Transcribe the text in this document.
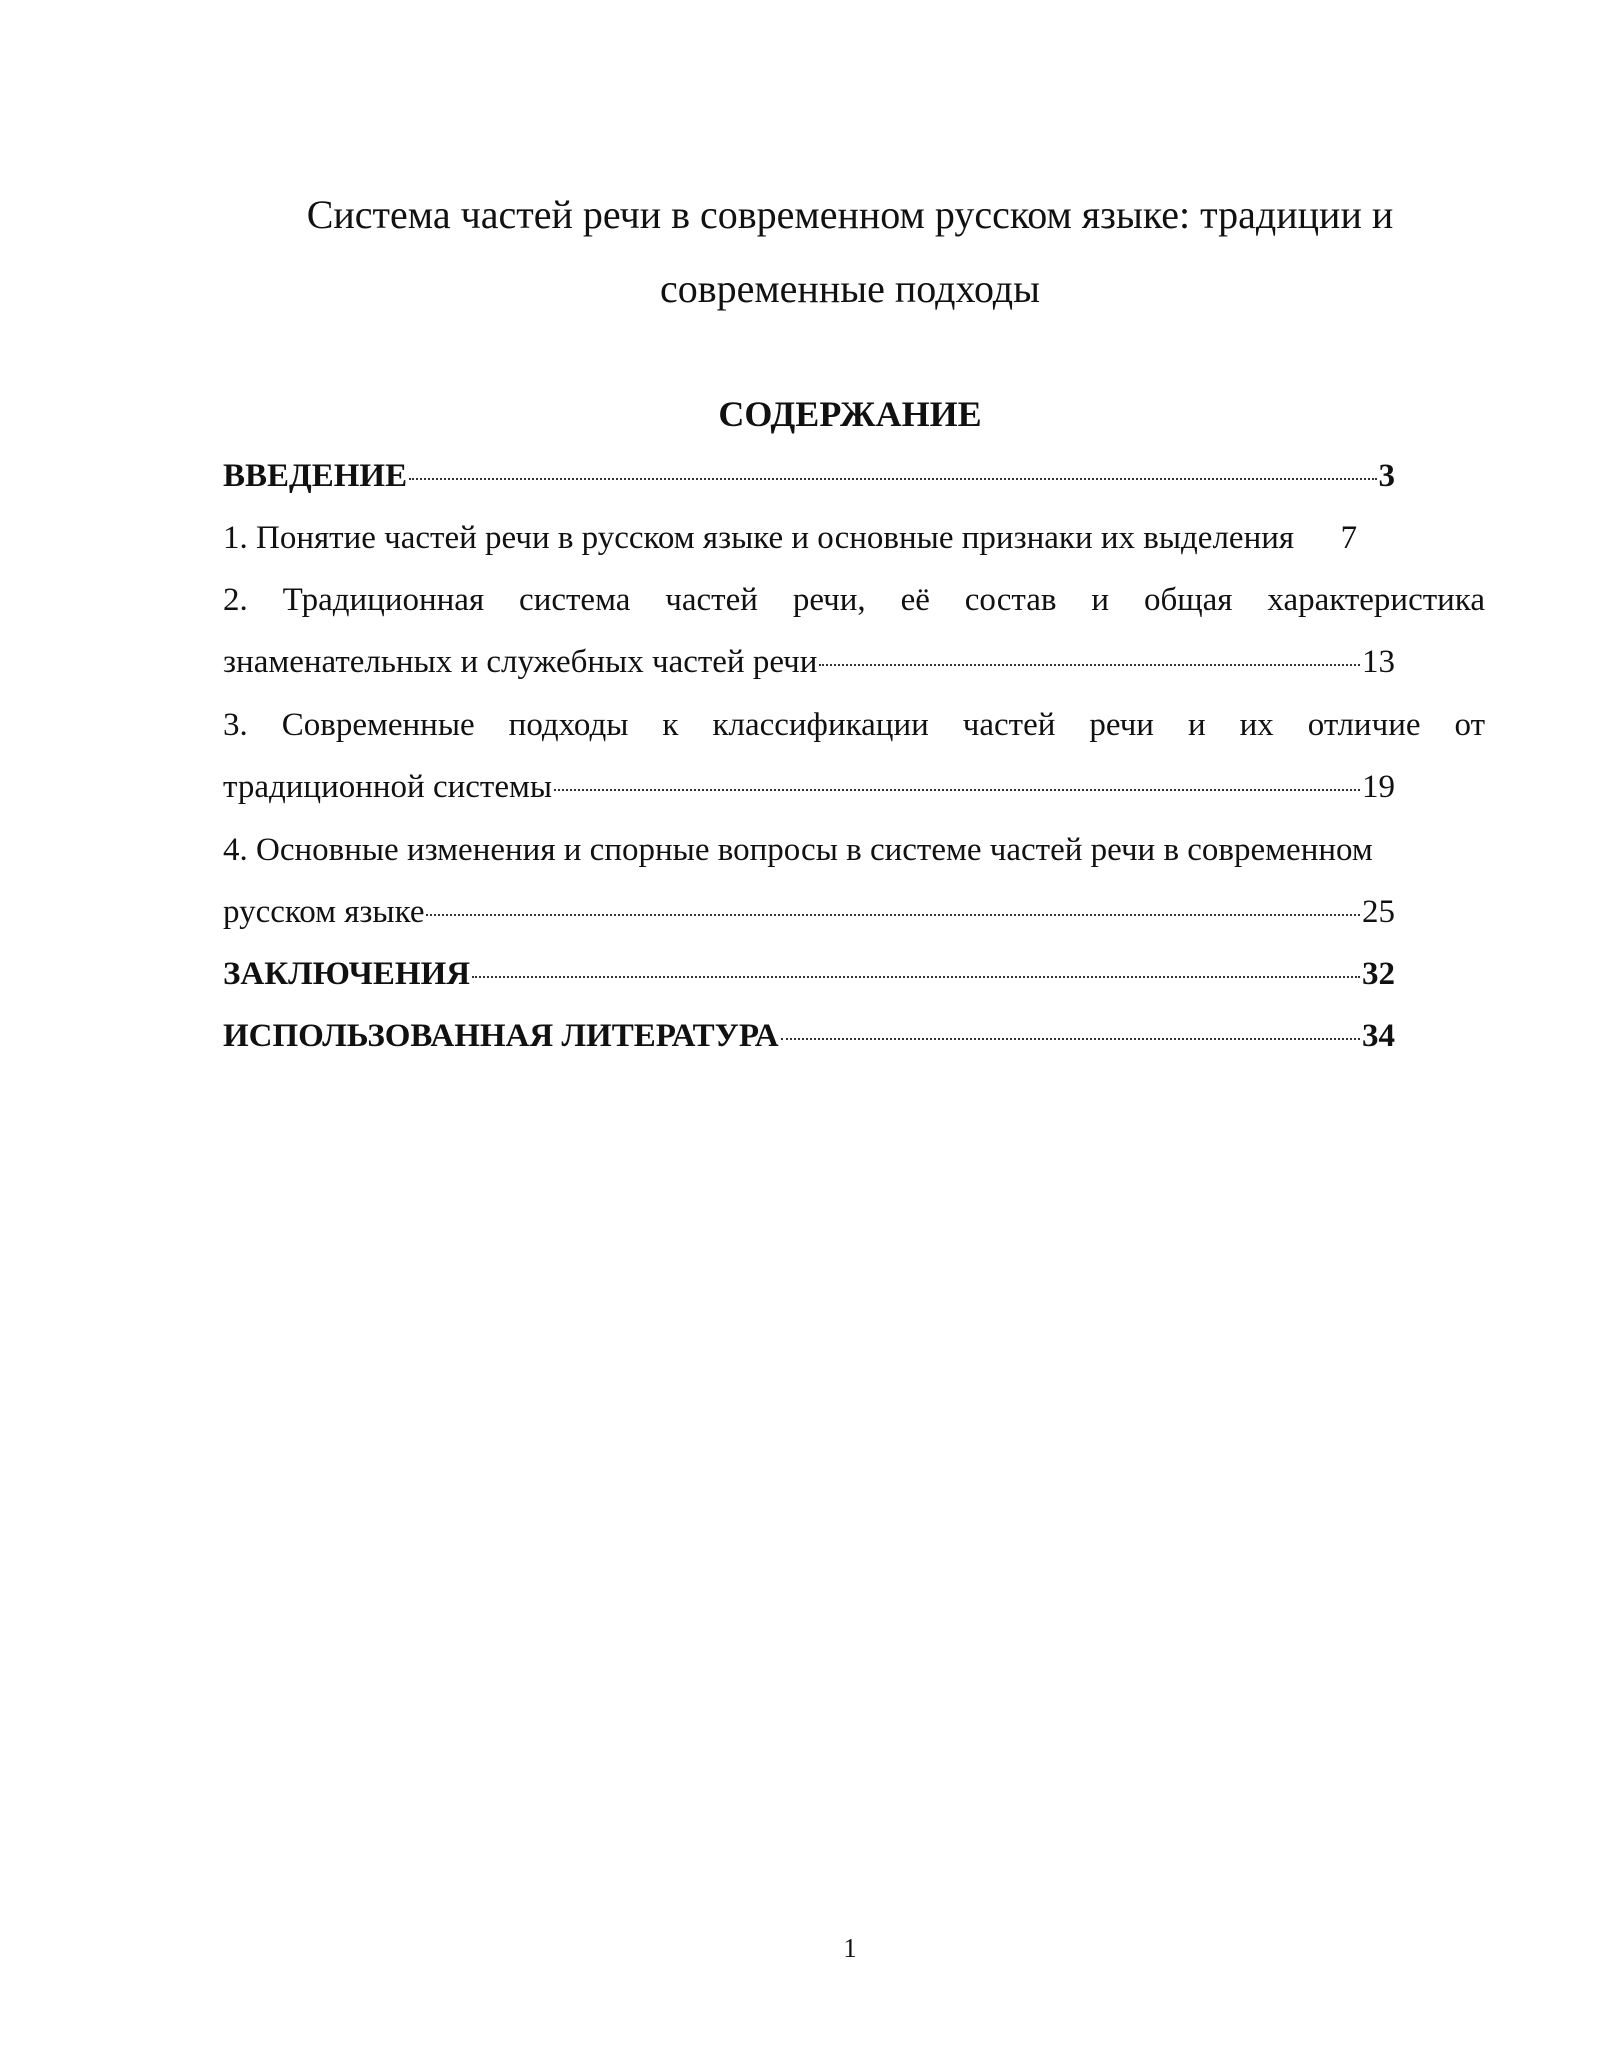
Система частей речи в современном русском языке: традиции и современные подходы
СОДЕРЖАНИЕ
ВВЕДЕНИЕ	3
1. Понятие частей речи в русском языке и основные признаки их выделения 7
2. Традиционная система частей речи, её состав и общая характеристика
знаменательных и служебных частей речи	13
3. Современные подходы к классификации частей речи и их отличие от
традиционной системы	19
4. Основные изменения и спорные вопросы в системе частей речи в современном
русском языке	25
ЗАКЛЮЧЕНИЯ	32
ИСПОЛЬЗОВАННАЯ ЛИТЕРАТУРА	34
1
